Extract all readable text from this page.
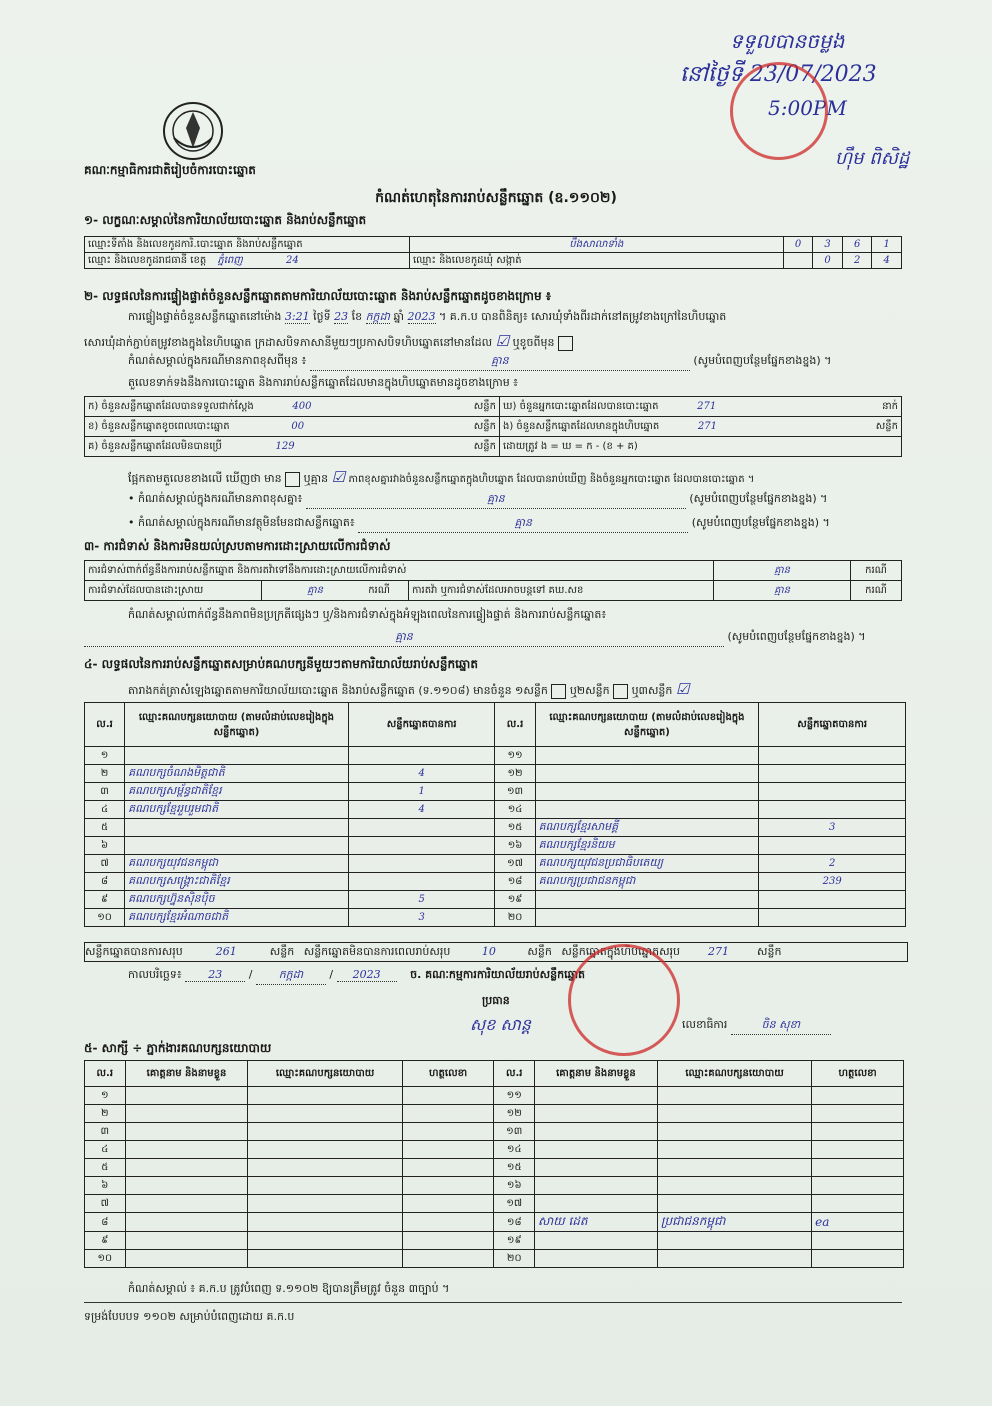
ទទួលបានចម្លង
នៅថ្ងៃទី 23/07/2023
5:00PM
ហ៊ឹម ពិសិដ្ឋ
គណៈកម្មាធិការជាតិរៀបចំការបោះឆ្នោត
កំណត់ហេតុនៃការរាប់សន្លឹកឆ្នោត (ឧ.១១០២)
១- លក្ខណៈសម្គាល់នៃការិយាល័យបោះឆ្នោត និងរាប់សន្លឹកឆ្នោត
ឈ្មោះទីតាំង និងលេខកូដការិ.បោះឆ្នោត និងរាប់សន្លឹកឆ្នោត	បឹងសាលាទាំង	0	3	6	1
ឈ្មោះ និងលេខកូដរាជធានី ខេត្ត ភ្នំពេញ 24	ឈ្មោះ និងលេខកូដឃុំ សង្កាត់		0	2	4
២- លទ្ធផលនៃការផ្ទៀងផ្ទាត់ចំនួនសន្លឹកឆ្នោតតាមការិយាល័យបោះឆ្នោត និងរាប់សន្លឹកឆ្នោតដូចខាងក្រោម ៖
ការផ្ទៀងផ្ទាត់ចំនួនសន្លឹកឆ្នោតនៅម៉ោង 3:21 ថ្ងៃទី 23 ខែ កក្កដា ឆ្នាំ 2023 ។ គ.ក.ប បានពិនិត្យ៖ សោរឃុំទាំងពីរដាក់នៅតម្រូវខាងក្រៅនៃហិបឆ្នោត
សោរឃុំដាក់ភ្ជាប់តម្រូវខាងក្នុងនៃហិបឆ្នោត ក្រដាសបិទភាសានីមួយៗប្រកាសបិទហិបឆ្នោតនៅមានដែល ☑ ឬខូចពីមុន
កំណត់សម្គាល់ក្នុងករណីមានភាពខុសពីមុន ៖	គ្មាន	(សូមបំពេញបន្ថែមផ្នែកខាងខ្នង) ។
តួលេខទាក់ទងនឹងការបោះឆ្នោត និងការរាប់សន្លឹកឆ្នោតដែលមានក្នុងហិបឆ្នោតមានដូចខាងក្រោម ៖
ក) ចំនួនសន្លឹកឆ្នោតដែលបានទទួលជាក់ស្តែង 400 សន្លឹក	ឃ) ចំនួនអ្នកបោះឆ្នោតដែលបានបោះឆ្នោត 271 នាក់

ខ) ចំនួនសន្លឹកឆ្នោតខូចពេលបោះឆ្នោត 00 សន្លឹក	ង) ចំនួនសន្លឹកឆ្នោតដែលមានក្នុងហិបឆ្នោត 271 សន្លឹក

គ) ចំនួនសន្លឹកឆ្នោតដែលមិនបានប្រើ 129 សន្លឹក	ដោយត្រូវ ង = ឃ = ក - (ខ + គ)
ផ្អែកតាមតួលេខខាងលើ ឃើញថា មាន ឬគ្មាន ☑ ភាពខុសគ្នារវាងចំនួនសន្លឹកឆ្នោតក្នុងហិបឆ្នោត ដែលបានរាប់ឃើញ និងចំនួនអ្នកបោះឆ្នោត ដែលបានបោះឆ្នោត ។
• កំណត់សម្គាល់ក្នុងករណីមានភាពខុសគ្នា៖	គ្មាន	(សូមបំពេញបន្ថែមផ្នែកខាងខ្នង) ។
• កំណត់សម្គាល់ក្នុងករណីមានវត្ថុមិនមែនជាសន្លឹកឆ្នោត៖	គ្មាន	(សូមបំពេញបន្ថែមផ្នែកខាងខ្នង) ។
៣- ការជំទាស់ និងការមិនយល់ស្របតាមការដោះស្រាយលើការជំទាស់
ការជំទាស់ពាក់ព័ន្ធនឹងការរាប់សន្លឹកឆ្នោត និងការតវ៉ាទៅនឹងការដោះស្រាយលើការជំទាស់			គ្មាន	ករណី
ការជំទាស់ដែលបានដោះស្រាយ	គ្មាន ករណី	ការតវ៉ា ឬការជំទាស់ដែលអាចបន្តទៅ គឃ.សខ	គ្មាន	ករណី
កំណត់សម្គាល់ពាក់ព័ន្ធនឹងភាពមិនប្រក្រតីផ្សេងៗ ឬ/និងការជំទាស់ក្នុងអំឡុងពេលនៃការផ្ទៀងផ្ទាត់ និងការរាប់សន្លឹកឆ្នោត៖
គ្មាន	(សូមបំពេញបន្ថែមផ្នែកខាងខ្នង) ។
៤- លទ្ធផលនៃការរាប់សន្លឹកឆ្នោតសម្រាប់គណបក្សនីមួយៗតាមការិយាល័យរាប់សន្លឹកឆ្នោត
តារាងកត់ត្រាសំឡេងឆ្នោតតាមការិយាល័យបោះឆ្នោត និងរាប់សន្លឹកឆ្នោត (ទ.១១០៨) មានចំនួន ១សន្លឹក ឬ២សន្លឹក ឬ៣សន្លឹក ☑
ល.រ	ឈ្មោះគណបក្សនយោបាយ (តាមលំដាប់លេខរៀងក្នុងសន្លឹកឆ្នោត)	សន្លឹកឆ្នោតបានការ	ល.រ	ឈ្មោះគណបក្សនយោបាយ (តាមលំដាប់លេខរៀងក្នុងសន្លឹកឆ្នោត)	សន្លឹកឆ្នោតបានការ
១			១១		
២	គណបក្សចំណងមិត្តជាតិ	4	១២		
៣	គណបក្សសម្ព័ន្ធជាតិខ្មែរ	1	១៣		
៤	គណបក្សខ្មែររួបរួមជាតិ	4	១៤		
៥			១៥	គណបក្សខ្មែរសាមគ្គី	3
៦			១៦	គណបក្សខ្មែរនិយម	
៧	គណបក្សយុវជនកម្ពុជា		១៧	គណបក្សយុវជនប្រជាធិបតេយ្យ	2
៨	គណបក្សសង្គ្រោះជាតិខ្មែរ		១៨	គណបក្សប្រជាជនកម្ពុជា	239
៩	គណបក្សហ្វ៊ុនស៊ិនប៉ិច	5	១៩		
១០	គណបក្សខ្មែរអំណាចជាតិ	3	២០		
សន្លឹកឆ្នោតបានការសរុប	261	សន្លឹក សន្លឹកឆ្នោតមិនបានការពេលរាប់សរុប	10	សន្លឹក សន្លឹកឆ្នោតក្នុងហិបឆ្នោតសរុប	271	សន្លឹក
កាលបរិច្ឆេទ៖ 23 / កក្កដា / 2023	ច. គណៈកម្មការការិយាល័យរាប់សន្លឹកឆ្នោត
ប្រធាន
សុខ សាន្ត	លេខាធិការ	ចិន សុខា
៥- សាក្សី ÷ ភ្នាក់ងារគណបក្សនយោបាយ
ល.រ	គោត្តនាម និងនាមខ្លួន	ឈ្មោះគណបក្សនយោបាយ	ហត្ថលេខា	ល.រ	គោត្តនាម និងនាមខ្លួន	ឈ្មោះគណបក្សនយោបាយ	ហត្ថលេខា
១				១១			
២				១២			
៣				១៣			
៤				១៤			
៥				១៥			
៦				១៦			
៧				១៧			
៨				១៨	សាយ ដេត	ប្រជាជនកម្ពុជា	ea
៩				១៩			
១០				២០			
កំណត់សម្គាល់ ៖ គ.ក.ប ត្រូវបំពេញ ទ.១១០២ ឱ្យបានត្រឹមត្រូវ ចំនួន ៣ច្បាប់ ។
ទម្រង់បែបបទ ១១០២ សម្រាប់បំពេញដោយ គ.ក.ប
